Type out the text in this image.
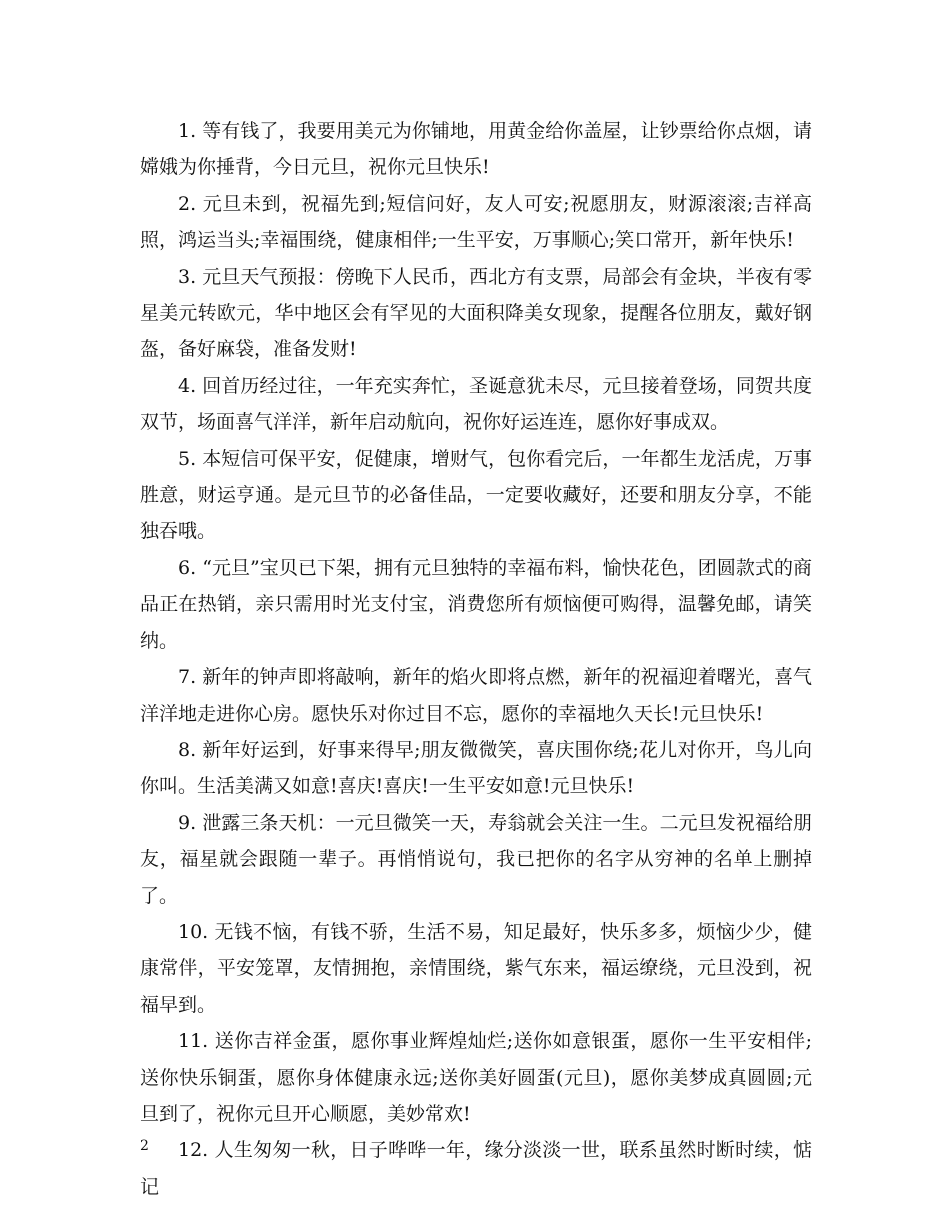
1. 等有钱了，我要用美元为你铺地，用黄金给你盖屋，让钞票给你点烟，请嫦娥为你捶背，今日元旦，祝你元旦快乐!

2. 元旦未到，祝福先到;短信问好，友人可安;祝愿朋友，财源滚滚;吉祥高照，鸿运当头;幸福围绕，健康相伴;一生平安，万事顺心;笑口常开，新年快乐!

3. 元旦天气预报：傍晚下人民币，西北方有支票，局部会有金块，半夜有零星美元转欧元，华中地区会有罕见的大面积降美女现象，提醒各位朋友，戴好钢盔，备好麻袋，准备发财!

4. 回首历经过往，一年充实奔忙，圣诞意犹未尽，元旦接着登场，同贺共度双节，场面喜气洋洋，新年启动航向，祝你好运连连，愿你好事成双。

5. 本短信可保平安，促健康，增财气，包你看完后，一年都生龙活虎，万事胜意，财运亨通。是元旦节的必备佳品，一定要收藏好，还要和朋友分享，不能独吞哦。

6. “元旦”宝贝已下架，拥有元旦独特的幸福布料，愉快花色，团圆款式的商品正在热销，亲只需用时光支付宝，消费您所有烦恼便可购得，温馨免邮，请笑纳。

7. 新年的钟声即将敲响，新年的焰火即将点燃，新年的祝福迎着曙光，喜气洋洋地走进你心房。愿快乐对你过目不忘，愿你的幸福地久天长!元旦快乐!

8. 新年好运到，好事来得早;朋友微微笑，喜庆围你绕;花儿对你开，鸟儿向你叫。生活美满又如意!喜庆!喜庆!一生平安如意!元旦快乐!

9. 泄露三条天机：一元旦微笑一天，寿翁就会关注一生。二元旦发祝福给朋友，福星就会跟随一辈子。再悄悄说句，我已把你的名字从穷神的名单上删掉了。

10. 无钱不恼，有钱不骄，生活不易，知足最好，快乐多多，烦恼少少，健康常伴，平安笼罩，友情拥抱，亲情围绕，紫气东来，福运缭绕，元旦没到，祝福早到。

11. 送你吉祥金蛋，愿你事业辉煌灿烂;送你如意银蛋，愿你一生平安相伴;送你快乐铜蛋，愿你身体健康永远;送你美好圆蛋(元旦)，愿你美梦成真圆圆;元旦到了，祝你元旦开心顺愿，美妙常欢!

12. 人生匆匆一秋，日子哗哗一年，缘分淡淡一世，联系虽然时断时续，惦记

2
